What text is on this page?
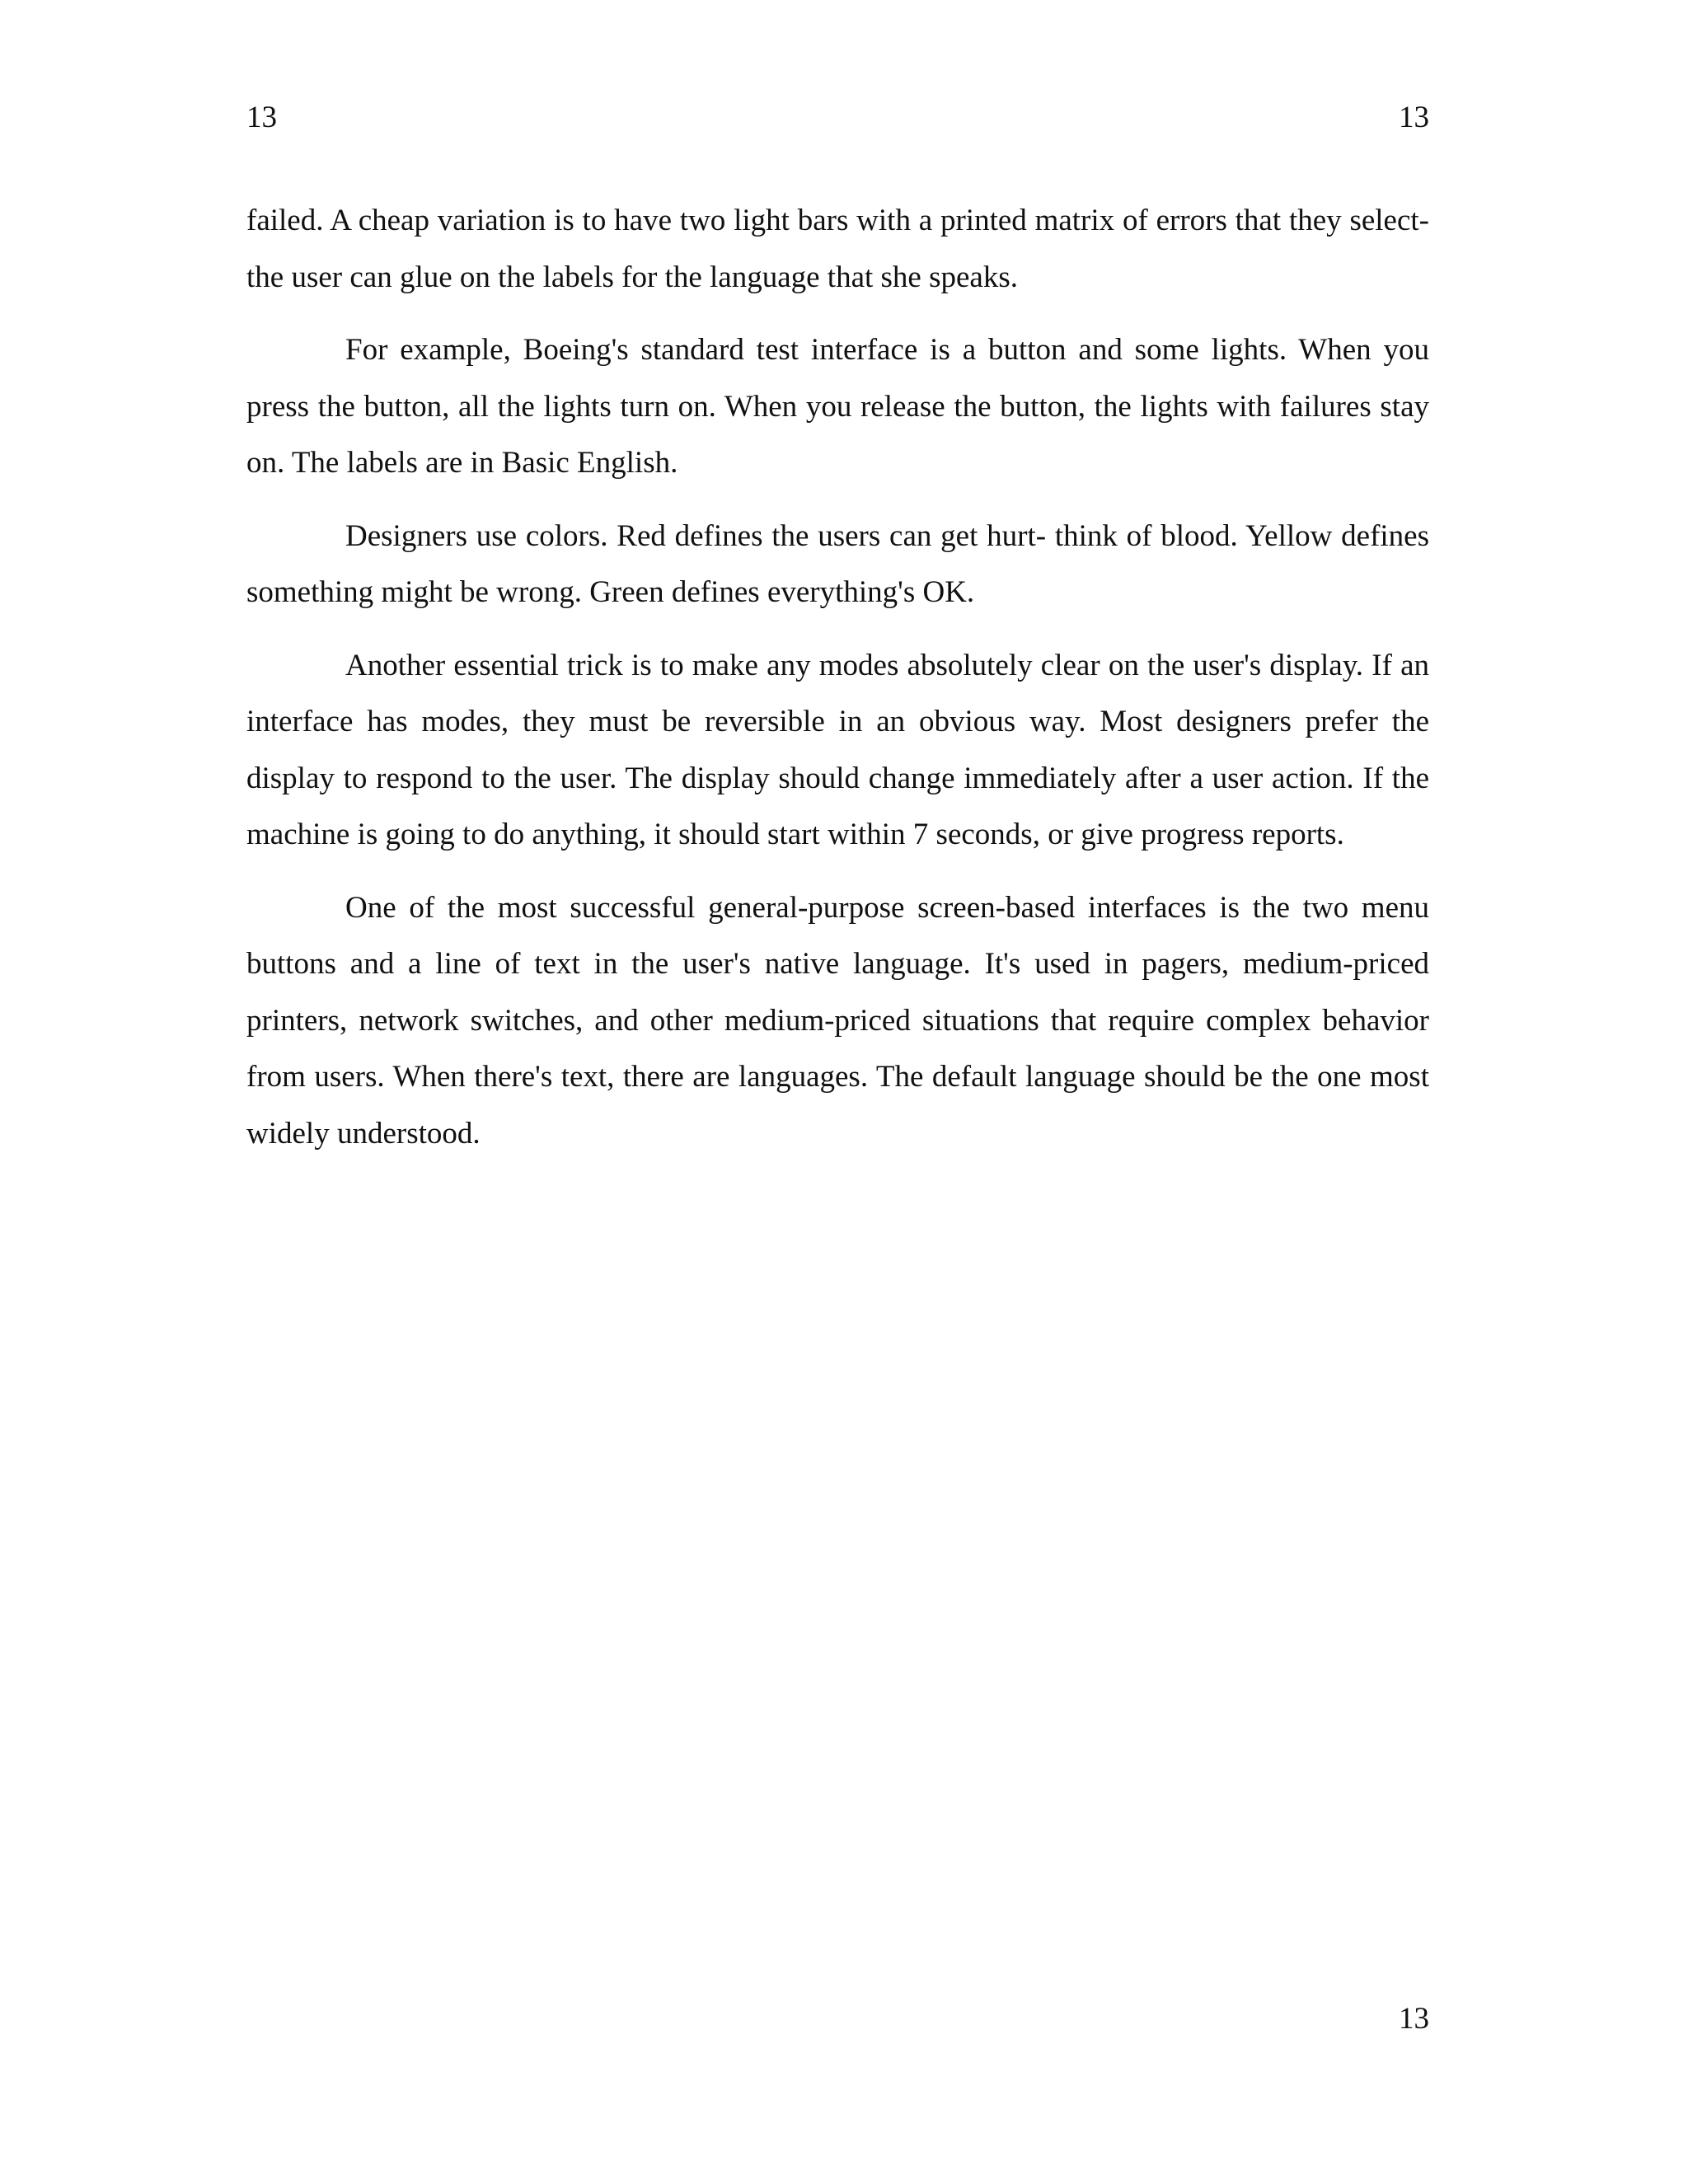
13	13

failed. A cheap variation is to have two light bars with a printed matrix of errors that they select- the user can glue on the labels for the language that she speaks.

For example, Boeing's standard test interface is a button and some lights. When you press the button, all the lights turn on. When you release the button, the lights with failures stay on. The labels are in Basic English.

Designers use colors. Red defines the users can get hurt- think of blood. Yellow defines something might be wrong. Green defines everything's OK.

Another essential trick is to make any modes absolutely clear on the user's display. If an interface has modes, they must be reversible in an obvious way. Most designers prefer the display to respond to the user. The display should change immediately after a user action. If the machine is going to do anything, it should start within 7 seconds, or give progress reports.

One of the most successful general-purpose screen-based interfaces is the two menu buttons and a line of text in the user's native language. It's used in pagers, medium-priced printers, network switches, and other medium-priced situations that require complex behavior from users. When there's text, there are languages. The default language should be the one most widely understood.

13
